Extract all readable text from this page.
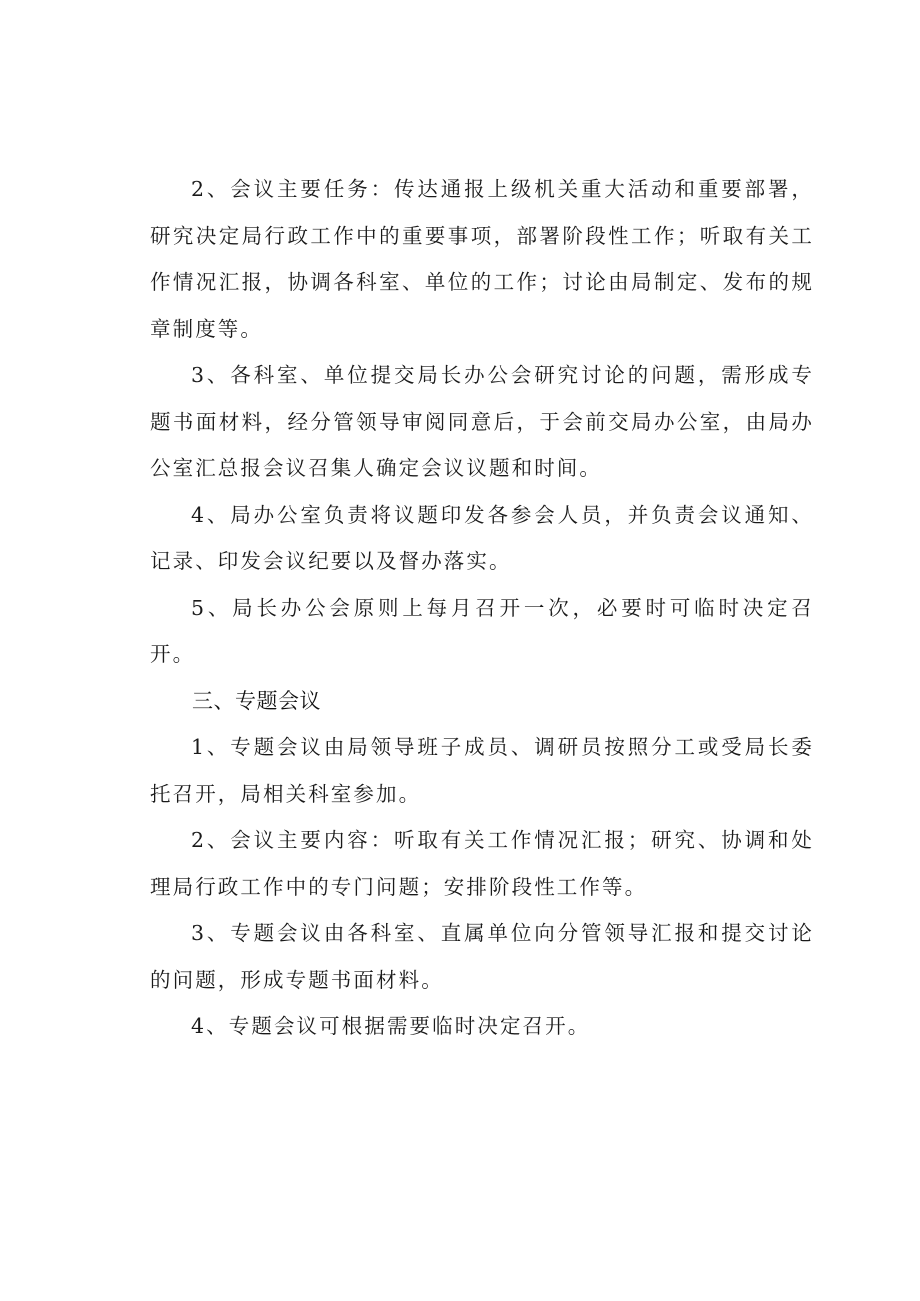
2、会议主要任务：传达通报上级机关重大活动和重要部署，研究决定局行政工作中的重要事项，部署阶段性工作；听取有关工作情况汇报，协调各科室、单位的工作；讨论由局制定、发布的规章制度等。

3、各科室、单位提交局长办公会研究讨论的问题，需形成专题书面材料，经分管领导审阅同意后，于会前交局办公室，由局办公室汇总报会议召集人确定会议议题和时间。

4、局办公室负责将议题印发各参会人员，并负责会议通知、记录、印发会议纪要以及督办落实。

5、局长办公会原则上每月召开一次，必要时可临时决定召开。

三、专题会议

1、专题会议由局领导班子成员、调研员按照分工或受局长委托召开，局相关科室参加。

2、会议主要内容：听取有关工作情况汇报；研究、协调和处理局行政工作中的专门问题；安排阶段性工作等。

3、专题会议由各科室、直属单位向分管领导汇报和提交讨论的问题，形成专题书面材料。

4、专题会议可根据需要临时决定召开。
